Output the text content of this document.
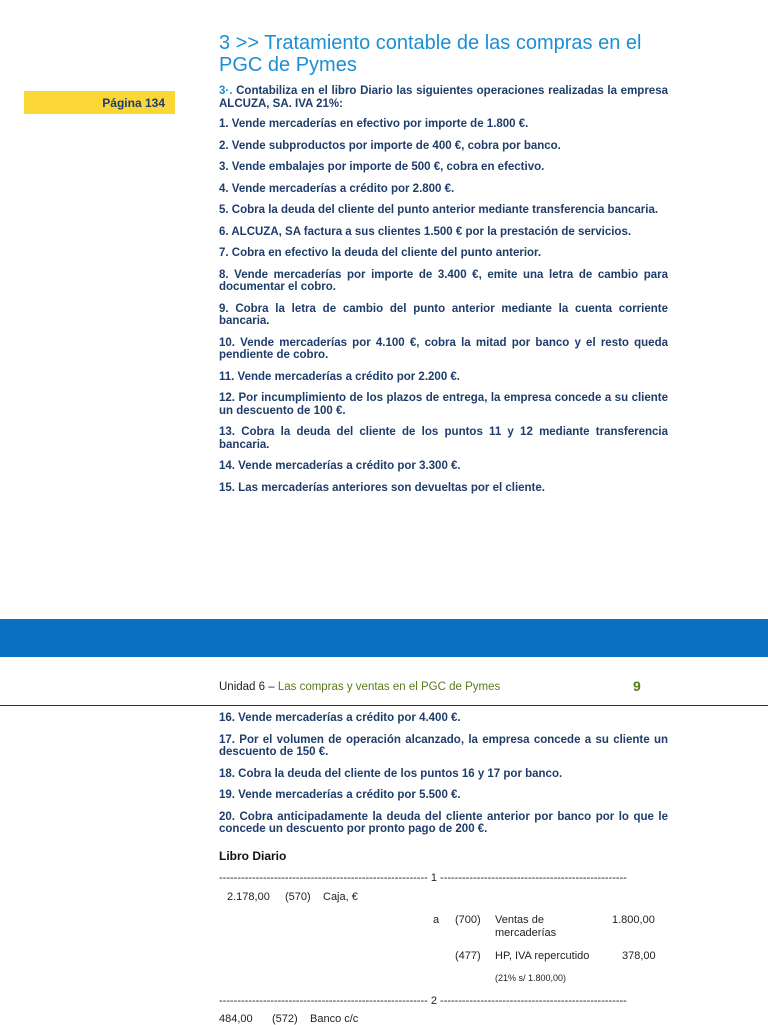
3 >> Tratamiento contable de las compras en el PGC de Pymes
Página 134

3·. Contabiliza en el libro Diario las siguientes operaciones realizadas la empresa ALCUZA, SA. IVA 21%:

1. Vende mercaderías en efectivo por importe de 1.800 €.

2. Vende subproductos por importe de 400 €, cobra por banco.

3. Vende embalajes por importe de 500 €, cobra en efectivo.

4. Vende mercaderías a crédito por 2.800 €.

5. Cobra la deuda del cliente del punto anterior mediante transferencia bancaria.

6. ALCUZA, SA factura a sus clientes 1.500 € por la prestación de servicios.

7. Cobra en efectivo la deuda del cliente del punto anterior.

8. Vende mercaderías por importe de 3.400 €, emite una letra de cambio para documentar el cobro.

9. Cobra la letra de cambio del punto anterior mediante la cuenta corriente bancaria.

10. Vende mercaderías por 4.100 €, cobra la mitad por banco y el resto queda pendiente de cobro.

11. Vende mercaderías a crédito por 2.200 €.

12. Por incumplimiento de los plazos de entrega, la empresa concede a su cliente un descuento de 100 €.

13. Cobra la deuda del cliente de los puntos 11 y 12 mediante transferencia bancaria.

14. Vende mercaderías a crédito por 3.300 €.

15. Las mercaderías anteriores son devueltas por el cliente.

Unidad 6 – Las compras y ventas en el PGC de Pymes	9

16. Vende mercaderías a crédito por 4.400 €.

17. Por el volumen de operación alcanzado, la empresa concede a su cliente un descuento de 150 €.

18. Cobra la deuda del cliente de los puntos 16 y 17 por banco.

19. Vende mercaderías a crédito por 5.500 €.

20. Cobra anticipadamente la deuda del cliente anterior por banco por lo que le concede un descuento por pronto pago de 200 €.

Libro Diario
--------------------------------------------------------- 1 ---------------------------------------------------
2.178,00 (570) Caja, €
a (700) Ventas de mercaderías
1.800,00
(477) HP, IVA repercutido	378,00
(21% s/ 1.800,00)
--------------------------------------------------------- 2 ---------------------------------------------------
484,00 (572) Banco c/c
